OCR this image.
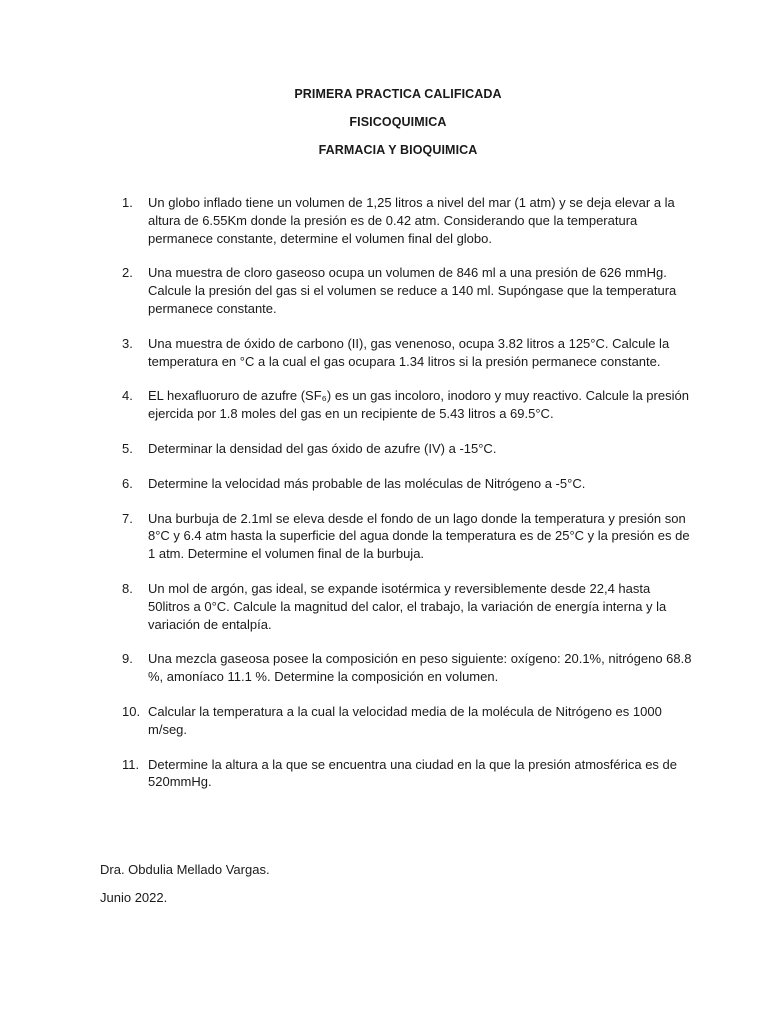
PRIMERA PRACTICA CALIFICADA
FISICOQUIMICA
FARMACIA Y BIOQUIMICA
1. Un globo inflado tiene un volumen de 1,25 litros a nivel del mar (1 atm) y se deja elevar a la altura de 6.55Km donde la presión es de 0.42 atm. Considerando que la temperatura permanece constante, determine el volumen final del globo.
2. Una muestra de cloro gaseoso ocupa un volumen de 846 ml a una presión de 626 mmHg. Calcule la presión del gas si el volumen se reduce a 140 ml. Supóngase que la temperatura permanece constante.
3. Una muestra de óxido de carbono (II), gas venenoso, ocupa 3.82 litros a 125°C. Calcule la temperatura en °C a la cual el gas ocupara 1.34 litros si la presión permanece constante.
4. EL hexafluoruro de azufre (SF₆) es un gas incoloro, inodoro y muy reactivo. Calcule la presión ejercida por 1.8 moles del gas en un recipiente de 5.43 litros a 69.5°C.
5. Determinar la densidad del gas óxido de azufre (IV) a -15°C.
6. Determine la velocidad más probable de las moléculas de Nitrógeno a -5°C.
7. Una burbuja de 2.1ml se eleva desde el fondo de un lago donde la temperatura y presión son 8°C y 6.4 atm hasta la superficie del agua donde la temperatura es de 25°C y la presión es de 1 atm. Determine el volumen final de la burbuja.
8. Un mol de argón, gas ideal, se expande isotérmica y reversiblemente desde 22,4 hasta 50litros a 0°C. Calcule la magnitud del calor, el trabajo, la variación de energía interna y la variación de entalpía.
9. Una mezcla gaseosa posee la composición en peso siguiente: oxígeno: 20.1%, nitrógeno 68.8 %, amoníaco 11.1 %. Determine la composición en volumen.
10. Calcular la temperatura a la cual la velocidad media de la molécula de Nitrógeno es 1000 m/seg.
11. Determine la altura a la que se encuentra una ciudad en la que la presión atmosférica es de 520mmHg.
Dra. Obdulia Mellado Vargas.
Junio 2022.
